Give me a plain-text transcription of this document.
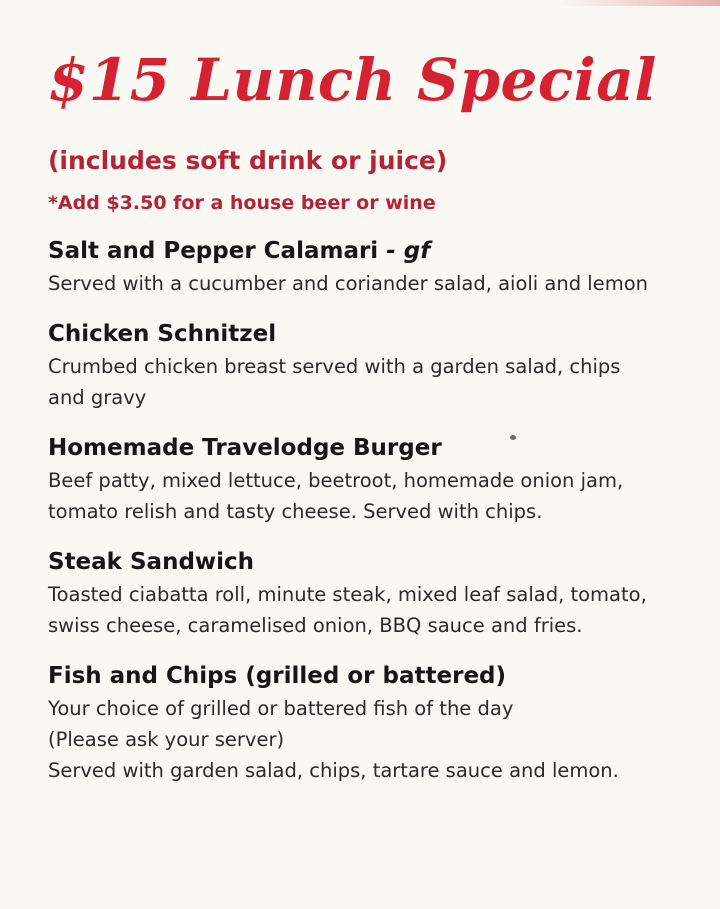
$15 Lunch Special
(includes soft drink or juice)
*Add $3.50 for a house beer or wine
Salt and Pepper Calamari - gf
Served with a cucumber and coriander salad, aioli and lemon
Chicken Schnitzel
Crumbed chicken breast served with a garden salad, chips
and gravy
Homemade Travelodge Burger
Beef patty, mixed lettuce, beetroot, homemade onion jam,
tomato relish and tasty cheese. Served with chips.
Steak Sandwich
Toasted ciabatta roll, minute steak, mixed leaf salad, tomato,
swiss cheese, caramelised onion, BBQ sauce and fries.
Fish and Chips (grilled or battered)
Your choice of grilled or battered fish of the day
(Please ask your server)
Served with garden salad, chips, tartare sauce and lemon.
